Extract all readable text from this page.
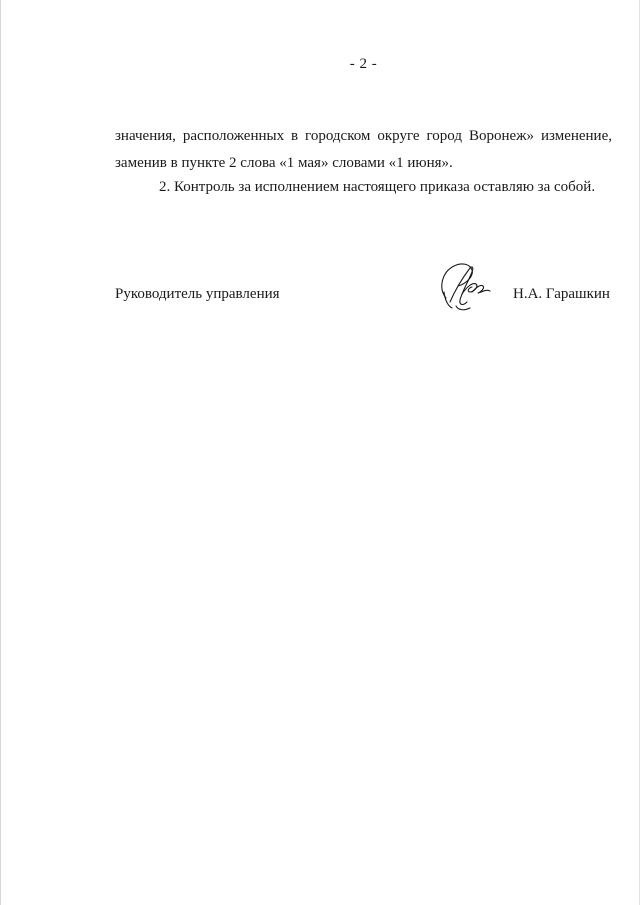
- 2 -
значения, расположенных в городском округе город Воронеж» изменение,
заменив в пункте 2 слова «1 мая» словами «1 июня».
2. Контроль за исполнением настоящего приказа оставляю за собой.
Руководитель управления	Н.А. Гарашкин
